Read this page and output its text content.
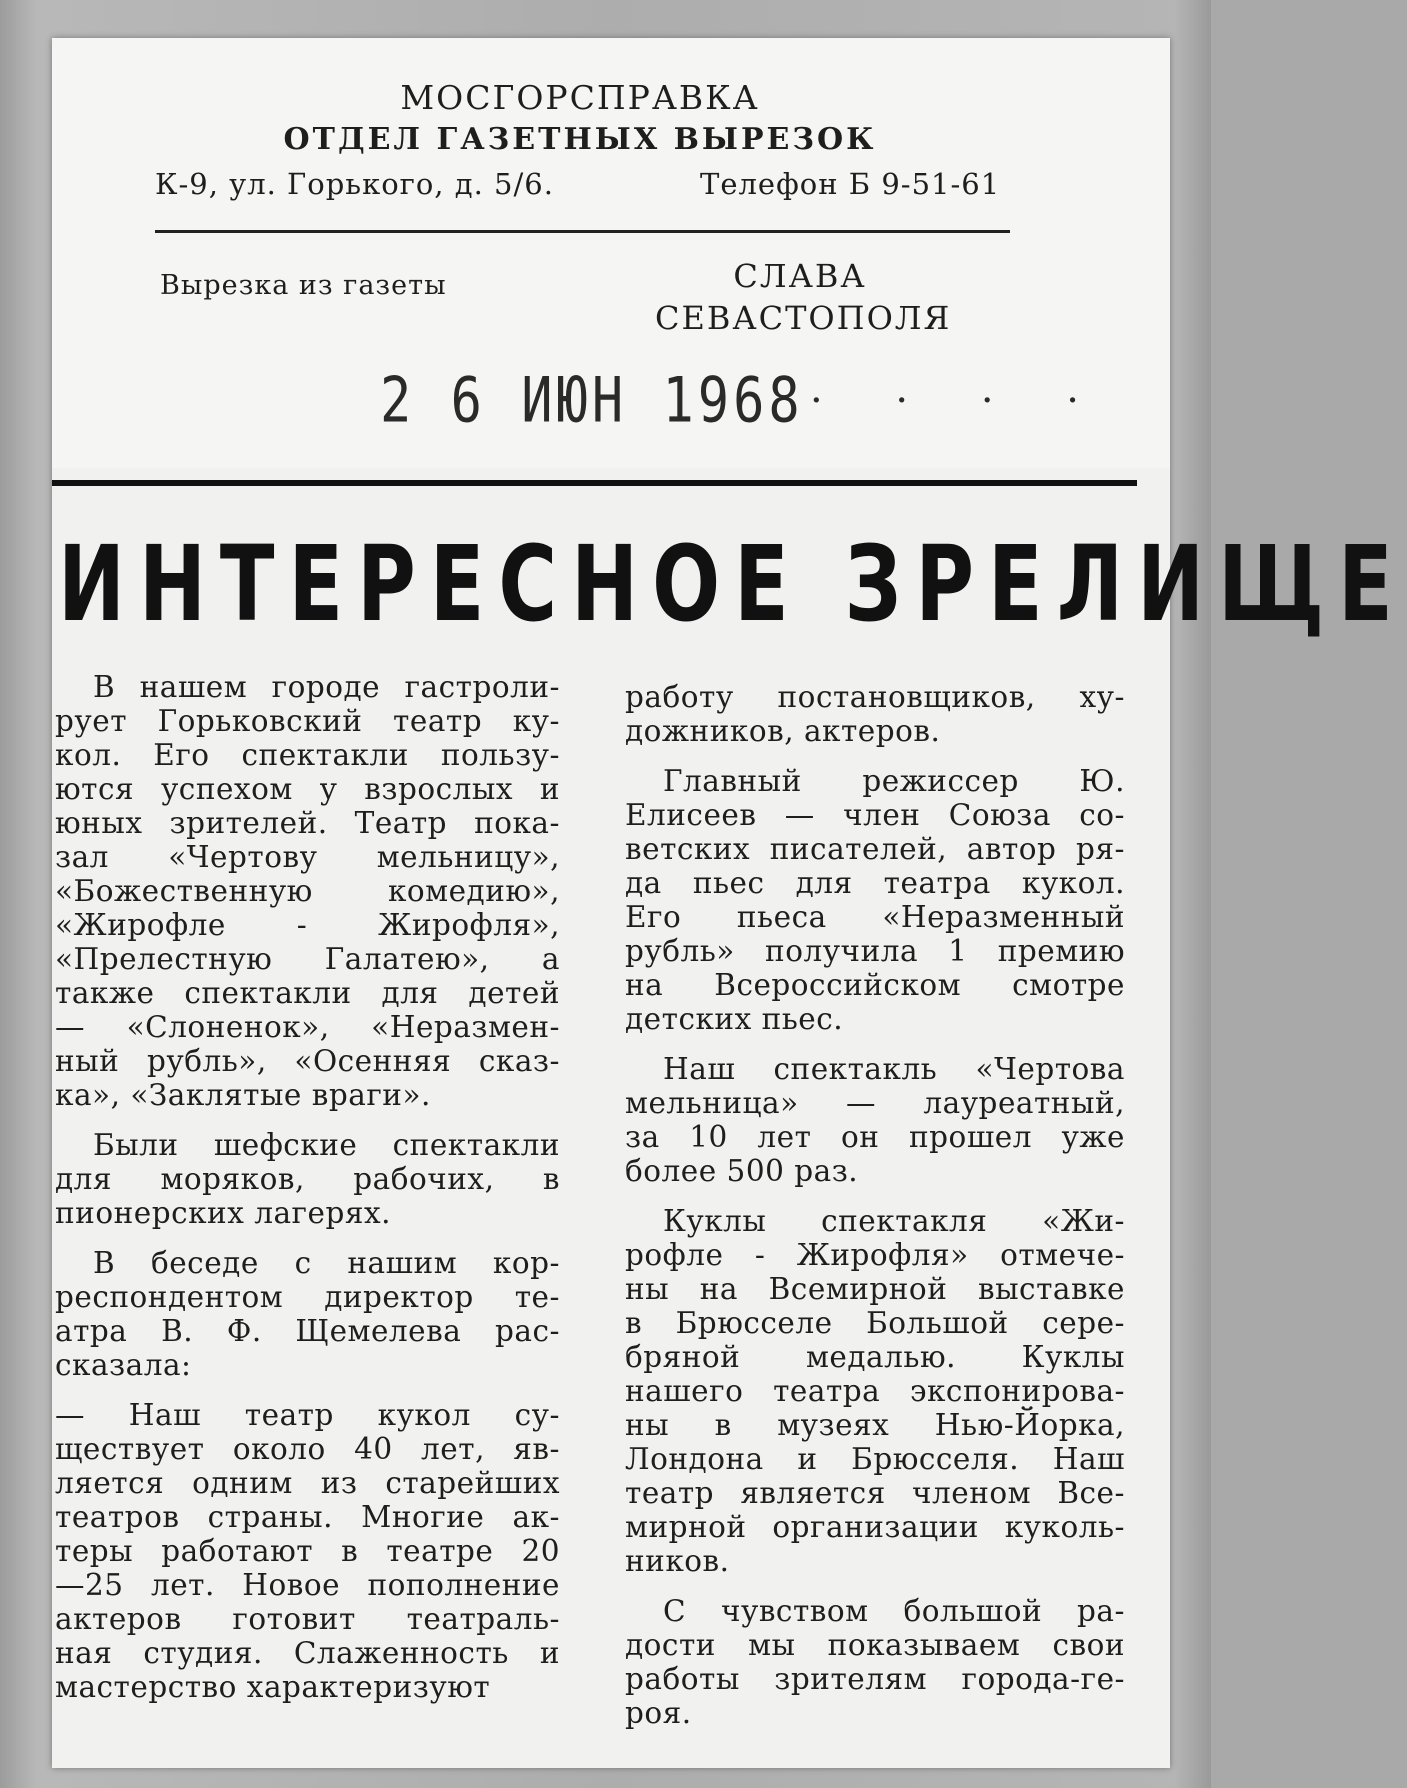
МОСГОРСПРАВКА
ОТДЕЛ ГАЗЕТНЫХ ВЫРЕЗОК
К-9, ул. Горького, д. 5/6.	Телефон Б 9-51-61
Вырезка из газеты	СЛАВА
СЕВАСТОПОЛЯ
2 6 ИЮН 1968 · · · ·
ИНТЕРЕСНОЕ ЗРЕЛИЩЕ

В нашем городе гастроли-
рует Горьковский театр ку-
кол. Его спектакли пользу-
ются успехом у взрослых и
юных зрителей. Театр пока-
зал «Чертову мельницу»,
«Божественную комедию»,
«Жирофле - Жирофля»,
«Прелестную Галатею», а
также спектакли для детей
— «Слоненок», «Неразмен-
ный рубль», «Осенняя сказ-
ка», «Заклятые враги».

Были шефские спектакли
для моряков, рабочих, в
пионерских лагерях.

В беседе с нашим кор-
респондентом директор те-
атра В. Ф. Щемелева рас-
сказала:

— Наш театр кукол су-
ществует около 40 лет, яв-
ляется одним из старейших
театров страны. Многие ак-
теры работают в театре 20
—25 лет. Новое пополнение
актеров готовит театраль-
ная студия. Слаженность и
мастерство характеризуют

работу постановщиков, ху-
дожников, актеров.

Главный режиссер Ю.
Елисеев — член Союза со-
ветских писателей, автор ря-
да пьес для театра кукол.
Его пьеса «Неразменный
рубль» получила 1 премию
на Всероссийском смотре
детских пьес.

Наш спектакль «Чертова
мельница» — лауреатный,
за 10 лет он прошел уже
более 500 раз.

Куклы спектакля «Жи-
рофле - Жирофля» отмече-
ны на Всемирной выставке
в Брюсселе Большой сере-
бряной медалью. Куклы
нашего театра экспонирова-
ны в музеях Нью-Йорка,
Лондона и Брюсселя. Наш
театр является членом Все-
мирной организации куколь-
ников.

С чувством большой ра-
дости мы показываем свои
работы зрителям города-ге-
роя.
